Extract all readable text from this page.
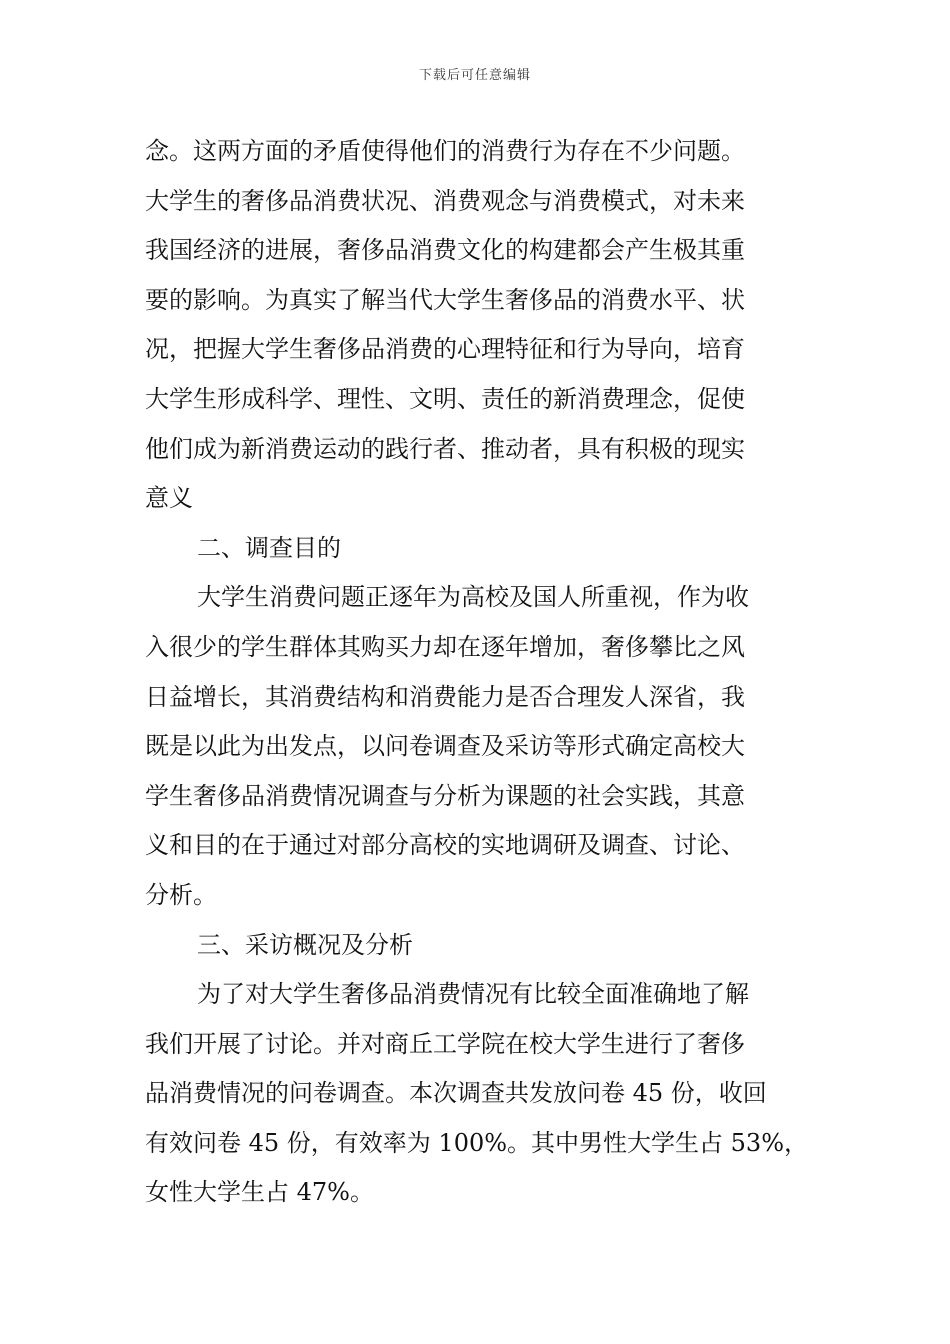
下载后可任意编辑
念。这两方面的矛盾使得他们的消费行为存在不少问题。
大学生的奢侈品消费状况、消费观念与消费模式，对未来
我国经济的进展，奢侈品消费文化的构建都会产生极其重
要的影响。为真实了解当代大学生奢侈品的消费水平、状
况，把握大学生奢侈品消费的心理特征和行为导向，培育
大学生形成科学、理性、文明、责任的新消费理念，促使
他们成为新消费运动的践行者、推动者，具有积极的现实
意义
二、调查目的
大学生消费问题正逐年为高校及国人所重视，作为收
入很少的学生群体其购买力却在逐年增加，奢侈攀比之风
日益增长，其消费结构和消费能力是否合理发人深省，我
既是以此为出发点，以问卷调查及采访等形式确定高校大
学生奢侈品消费情况调查与分析为课题的社会实践，其意
义和目的在于通过对部分高校的实地调研及调查、讨论、
分析。
三、采访概况及分析
为了对大学生奢侈品消费情况有比较全面准确地了解
我们开展了讨论。并对商丘工学院在校大学生进行了奢侈
品消费情况的问卷调查。本次调查共发放问卷 45 份，收回
有效问卷 45 份，有效率为 100%。其中男性大学生占 53%，
女性大学生占 47%。
